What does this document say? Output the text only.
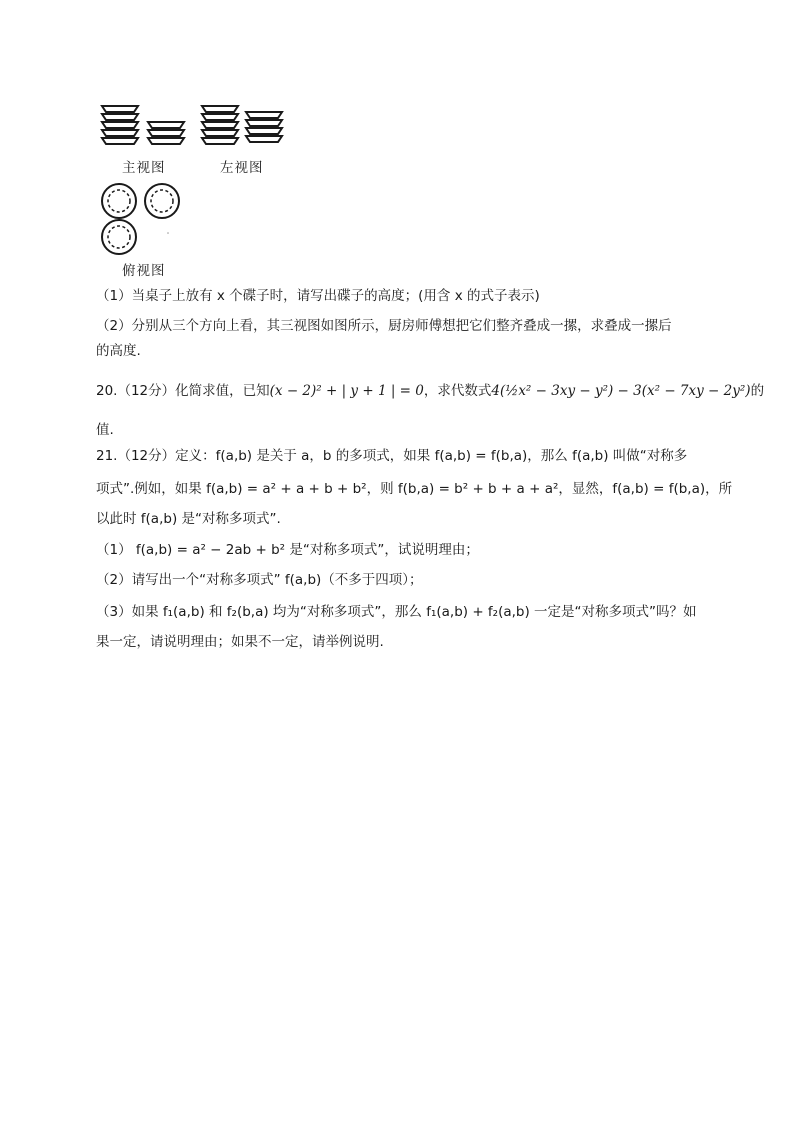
主视图	左视图
俯视图
（1）当桌子上放有 x 个碟子时，请写出碟子的高度；(用含 x 的式子表示)
（2）分别从三个方向上看，其三视图如图所示，厨房师傅想把它们整齐叠成一摞，求叠成一摞后
的高度.
20.（12分）化简求值，已知(x − 2)² + | y + 1 | = 0，求代数式4(½x² − 3xy − y²) − 3(x² − 7xy − 2y²)的
值.
21.（12分）定义：f(a,b) 是关于 a，b 的多项式，如果 f(a,b) = f(b,a)，那么 f(a,b) 叫做“对称多
项式”.例如，如果 f(a,b) = a² + a + b + b²，则 f(b,a) = b² + b + a + a²，显然，f(a,b) = f(b,a)，所
以此时 f(a,b) 是“对称多项式”.
（1） f(a,b) = a² − 2ab + b² 是“对称多项式”，试说明理由；
（2）请写出一个“对称多项式” f(a,b)（不多于四项）；
（3）如果 f₁(a,b) 和 f₂(b,a) 均为“对称多项式”，那么 f₁(a,b) + f₂(a,b) 一定是“对称多项式”吗？如
果一定，请说明理由；如果不一定，请举例说明.
